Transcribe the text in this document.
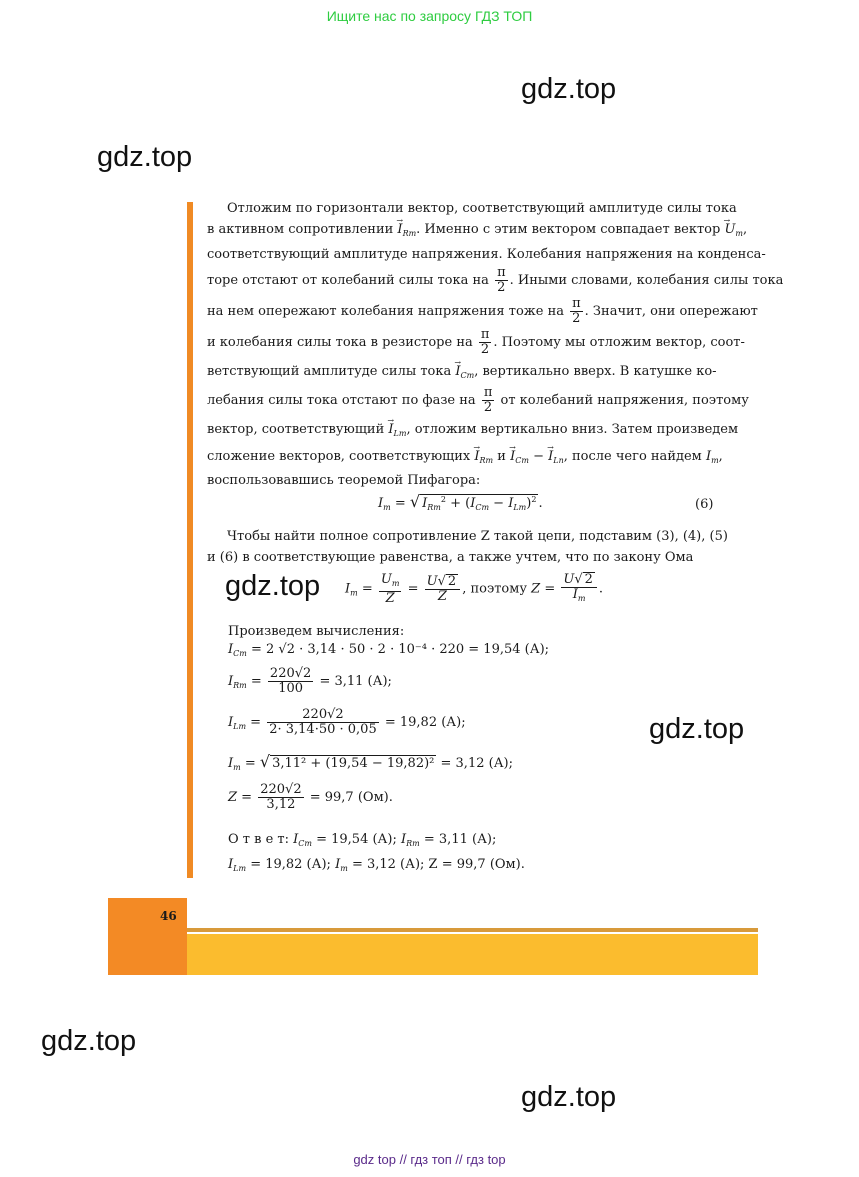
Ищите нас по запросу ГДЗ ТОП
gdz.top
gdz.top
gdz.top
gdz.top
gdz.top
gdz.top
Отложим по горизонтали вектор, соответствующий амплитуде силы тока
в активном сопротивлении → $I_{Rm}$. Именно с этим вектором совпадает вектор → $U_m$,
соответствующий амплитуде напряжения. Колебания напряжения на конденса-
торе отстают от колебаний силы тока на $\frac{\pi}{2}$ . Иными словами, колебания силы тока
на нем опережают колебания напряжения тоже на $\frac{\pi}{2}$ . Значит, они опережают
и колебания силы тока в резисторе на $\frac{\pi}{2}$ . Поэтому мы отложим вектор, соот-
ветствующий амплитуде силы тока → $I_{Cm}$, вертикально вверх. В катушке ко-
лебания силы тока отстают по фазе на $\frac{\pi}{2}$ от колебаний напряжения, поэтому
вектор, соответствующий → $I_{Lm}$, отложим вертикально вниз. Затем произведем
сложение векторов, соответствующих → $I_{Rm}$ $и \to I_{Cm}$ − → $I_{Ln}$, после чего найдем $I_m$,
воспользовавшись теоремой Пифагора:
$I_m$ = √ $I_{Rm}^2 + (I_{Cm} - I_{Lm})^2$ .	(6)
Чтобы найти полное сопротивление Z такой цепи, подставим (3), (4), (5)
и (6) в соответствующие равенства, а также учтем, что по закону Ома
$I_m = \frac{U_m}{Z} = \frac{U√ 2}{Z}$ , поэтому $Z = \frac{U√ 2}{I_m}$ .
Произведем вычисления:
$I_{Cm} = 2$ √2 · 3,14 · 50 · 2 · 10⁻⁴ · 220 = 19,54 (А);
$I_{Rm} = \frac{220√2}{100} = 3,11$ (А);
$I_{Lm} = \frac{220√2}{2\cdot 3,14\cdot 50 \cdot 0,05} = 19,82$ (А);
$I_m$ = √ 3,11² + (19,54 − 19,82)² = 3,12 (А);
$Z = \frac{220√2}{3,12} = 99,7$ (Ом).
О т в е т: $I_{Cm} = 19,54$ (А); $I_{Rm} = 3,11$ (А);
$I_{Lm} = 19,82$ (А); $I_m = 3,12$ (А); Z = 99,7 (Ом).
46
gdz top // гдз топ // гдз top
